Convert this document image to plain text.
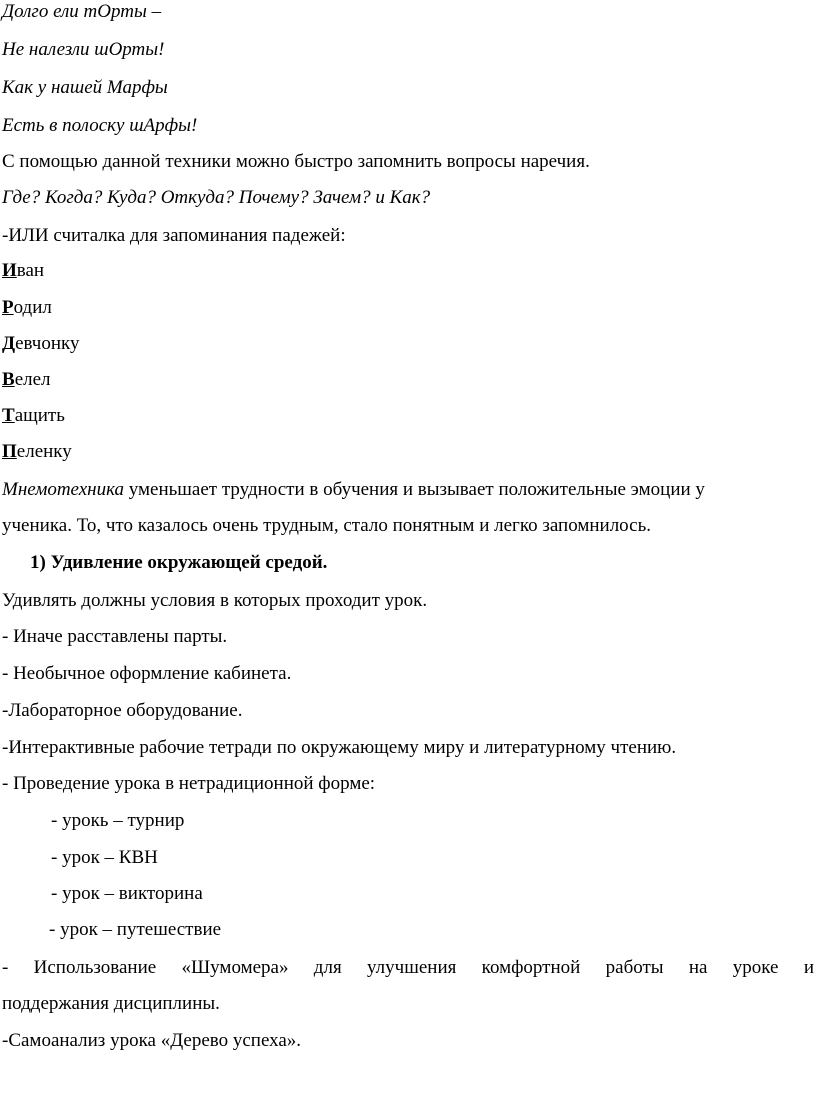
Долго ели тОрты –
Не налезли шОрты!
Как у нашей Марфы
Есть в полоску шАрфы!
С помощью данной техники можно быстро запомнить вопросы наречия.
Где? Когда? Куда? Откуда? Почему? Зачем? и Как?
-ИЛИ считалка для запоминания падежей:
Иван
Родил
Девчонку
Велел
Тащить
Пеленку
Мнемотехника уменьшает трудности в обучения и вызывает положительные эмоции у
ученика. То, что казалось очень трудным, стало понятным и легко запомнилось.
1) Удивление окружающей средой.
Удивлять должны условия в которых проходит урок.
- Иначе расставлены парты.
- Необычное оформление кабинета.
-Лабораторное оборудование.
-Интерактивные рабочие тетради по окружающему миру и литературному чтению.
- Проведение урока в нетрадиционной форме:
- урокь – турнир
- урок – КВН
- урок – викторина
- урок – путешествие
- Использование «Шумомера» для улучшения комфортной работы на уроке и
поддержания дисциплины.
-Самоанализ урока «Дерево успеха».
